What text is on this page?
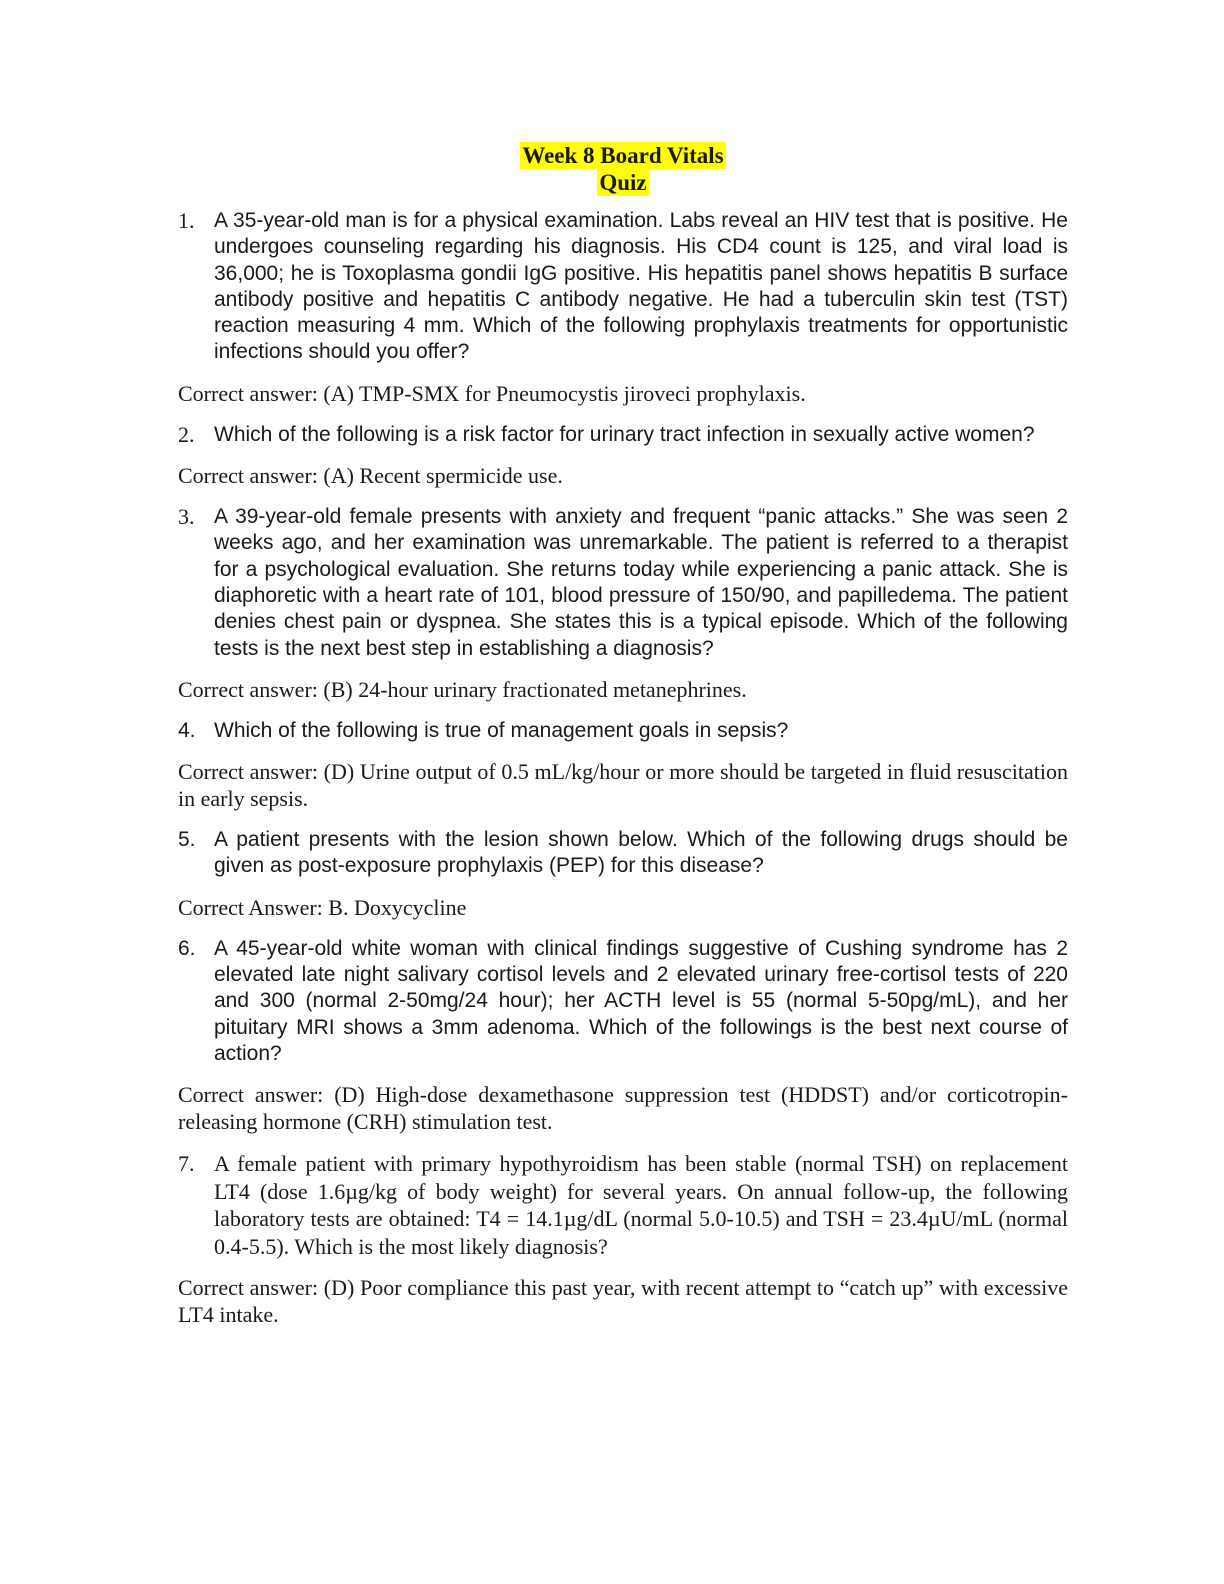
Week 8 Board Vitals
Quiz
1. A 35-year-old man is for a physical examination. Labs reveal an HIV test that is positive. He undergoes counseling regarding his diagnosis. His CD4 count is 125, and viral load is 36,000; he is Toxoplasma gondii IgG positive. His hepatitis panel shows hepatitis B surface antibody positive and hepatitis C antibody negative. He had a tuberculin skin test (TST) reaction measuring 4 mm. Which of the following prophylaxis treatments for opportunistic infections should you offer?

Correct answer: (A) TMP-SMX for Pneumocystis jiroveci prophylaxis.

2. Which of the following is a risk factor for urinary tract infection in sexually active women?

Correct answer: (A) Recent spermicide use.

3. A 39-year-old female presents with anxiety and frequent “panic attacks.” She was seen 2 weeks ago, and her examination was unremarkable. The patient is referred to a therapist for a psychological evaluation. She returns today while experiencing a panic attack. She is diaphoretic with a heart rate of 101, blood pressure of 150/90, and papilledema. The patient denies chest pain or dyspnea. She states this is a typical episode. Which of the following tests is the next best step in establishing a diagnosis?

Correct answer: (B) 24-hour urinary fractionated metanephrines.

4. Which of the following is true of management goals in sepsis?

Correct answer: (D) Urine output of 0.5 mL/kg/hour or more should be targeted in fluid resuscitation in early sepsis.

5. A patient presents with the lesion shown below. Which of the following drugs should be given as post-exposure prophylaxis (PEP) for this disease?

Correct Answer: B. Doxycycline

6. A 45-year-old white woman with clinical findings suggestive of Cushing syndrome has 2 elevated late night salivary cortisol levels and 2 elevated urinary free-cortisol tests of 220 and 300 (normal 2-50mg/24 hour); her ACTH level is 55 (normal 5-50pg/mL), and her pituitary MRI shows a 3mm adenoma. Which of the followings is the best next course of action?

Correct answer: (D) High-dose dexamethasone suppression test (HDDST) and/or corticotropin-releasing hormone (CRH) stimulation test.

7. A female patient with primary hypothyroidism has been stable (normal TSH) on replacement LT4 (dose 1.6µg/kg of body weight) for several years. On annual follow-up, the following laboratory tests are obtained: T4 = 14.1µg/dL (normal 5.0-10.5) and TSH = 23.4µU/mL (normal 0.4-5.5). Which is the most likely diagnosis?

Correct answer: (D) Poor compliance this past year, with recent attempt to “catch up” with excessive LT4 intake.
